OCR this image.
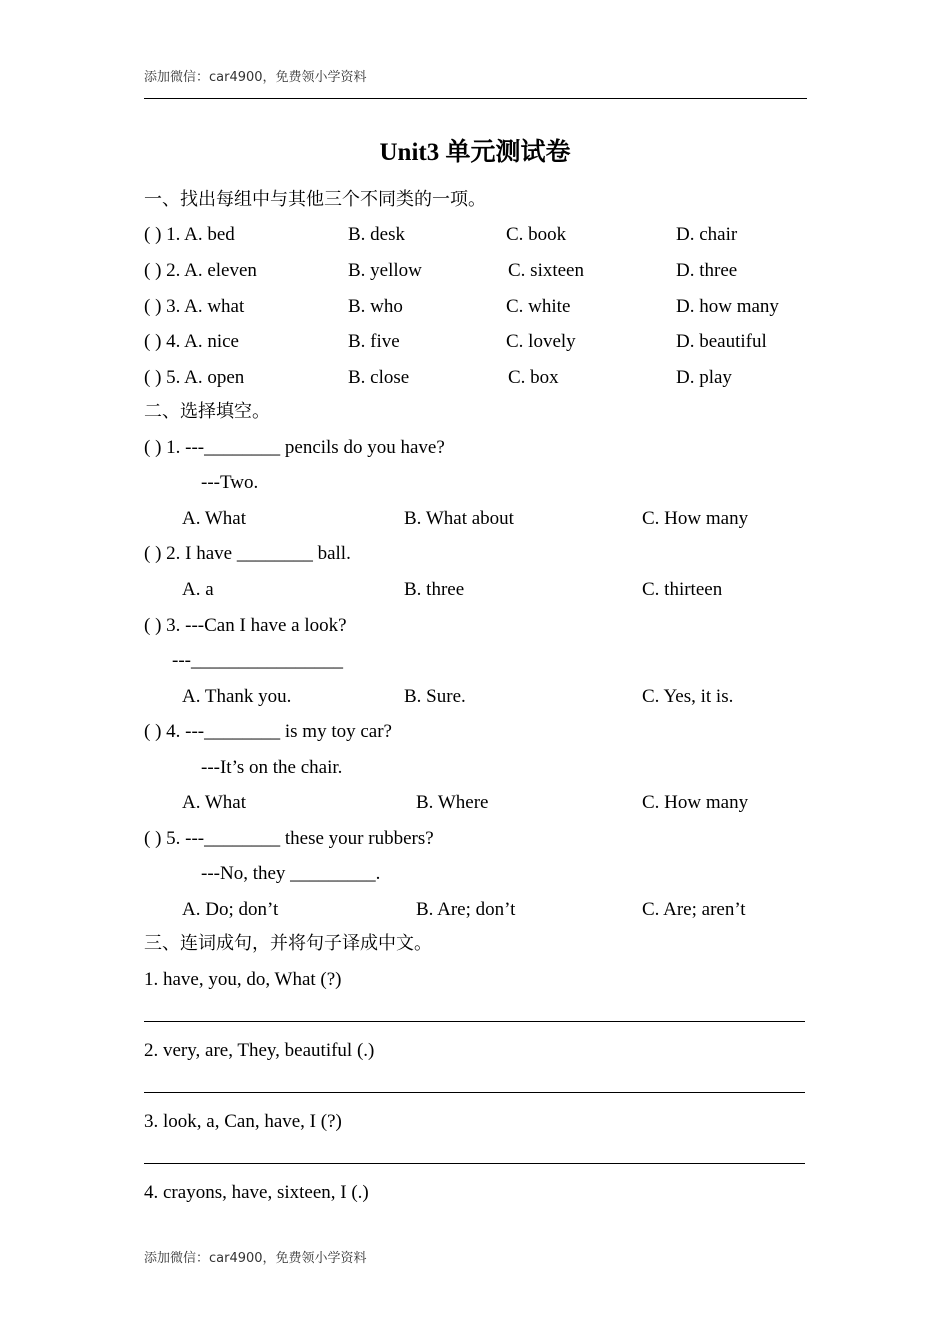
添加微信：car4900，免费领小学资料
Unit3 单元测试卷
一、找出每组中与其他三个不同类的一项。
( ) 1. A. bed	B. desk	C. book	D. chair
( ) 2. A. eleven	B. yellow	C. sixteen	D. three
( ) 3. A. what	B. who	C. white	D. how many
( ) 4. A. nice	B. five	C. lovely	D. beautiful
( ) 5. A. open	B. close	C. box	D. play
二、选择填空。
( ) 1. ---________ pencils do you have?
---Two.
A. What	B. What about	C. How many
( ) 2. I have ________ ball.
A. a	B. three	C. thirteen
( ) 3. ---Can I have a look?
---________________
A. Thank you.	B. Sure.	C. Yes, it is.
( ) 4. ---________ is my toy car?
---It’s on the chair.
A. What	B. Where	C. How many
( ) 5. ---________ these your rubbers?
---No, they _________.
A. Do; don’t	B. Are; don’t	C. Are; aren’t
三、连词成句，并将句子译成中文。
1. have, you, do, What (?)
2. very, are, They, beautiful (.)
3. look, a, Can, have, I (?)
4. crayons, have, sixteen, I (.)
添加微信：car4900，免费领小学资料
